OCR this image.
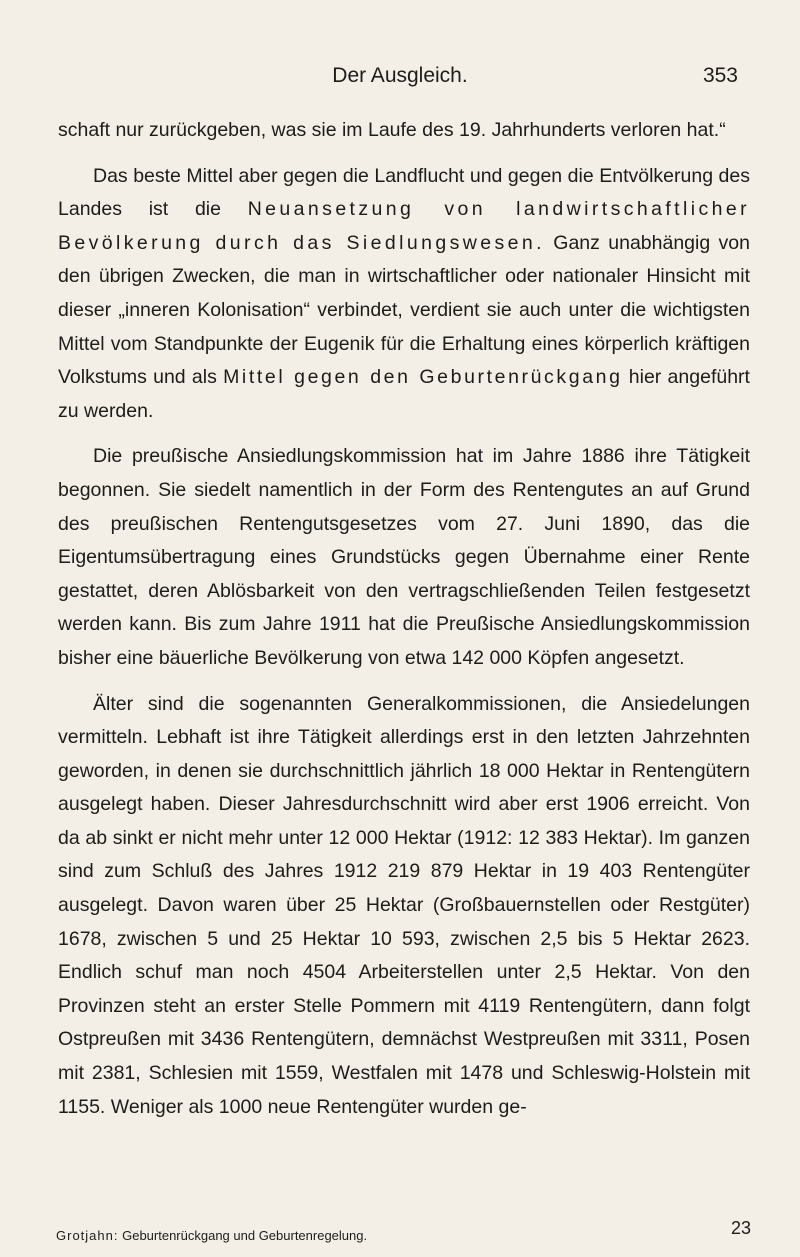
Der Ausgleich.	353

schaft nur zurückgeben, was sie im Laufe des 19. Jahrhunderts verloren hat.“

Das beste Mittel aber gegen die Landflucht und gegen die Entvölkerung des Landes ist die Neuansetzung von landwirtschaftlicher Bevölkerung durch das Siedlungswesen. Ganz unabhängig von den übrigen Zwecken, die man in wirtschaftlicher oder nationaler Hinsicht mit dieser „inneren Kolonisation“ verbindet, verdient sie auch unter die wichtigsten Mittel vom Standpunkte der Eugenik für die Erhaltung eines körperlich kräftigen Volkstums und als Mittel gegen den Geburtenrückgang hier angeführt zu werden.

Die preußische Ansiedlungskommission hat im Jahre 1886 ihre Tätigkeit begonnen. Sie siedelt namentlich in der Form des Rentengutes an auf Grund des preußischen Rentengutsgesetzes vom 27. Juni 1890, das die Eigentumsübertragung eines Grundstücks gegen Übernahme einer Rente gestattet, deren Ablösbarkeit von den vertragschließenden Teilen festgesetzt werden kann. Bis zum Jahre 1911 hat die Preußische Ansiedlungskommission bisher eine bäuerliche Bevölkerung von etwa 142 000 Köpfen angesetzt.

Älter sind die sogenannten Generalkommissionen, die Ansiedelungen vermitteln. Lebhaft ist ihre Tätigkeit allerdings erst in den letzten Jahrzehnten geworden, in denen sie durchschnittlich jährlich 18 000 Hektar in Rentengütern ausgelegt haben. Dieser Jahresdurchschnitt wird aber erst 1906 erreicht. Von da ab sinkt er nicht mehr unter 12 000 Hektar (1912: 12 383 Hektar). Im ganzen sind zum Schluß des Jahres 1912 219 879 Hektar in 19 403 Rentengüter ausgelegt. Davon waren über 25 Hektar (Großbauernstellen oder Restgüter) 1678, zwischen 5 und 25 Hektar 10 593, zwischen 2,5 bis 5 Hektar 2623. Endlich schuf man noch 4504 Arbeiterstellen unter 2,5 Hektar. Von den Provinzen steht an erster Stelle Pommern mit 4119 Rentengütern, dann folgt Ostpreußen mit 3436 Rentengütern, demnächst Westpreußen mit 3311, Posen mit 2381, Schlesien mit 1559, Westfalen mit 1478 und Schleswig-Holstein mit 1155. Weniger als 1000 neue Rentengüter wurden ge-

Grotjahn: Geburtenrückgang und Geburtenregelung.	23
